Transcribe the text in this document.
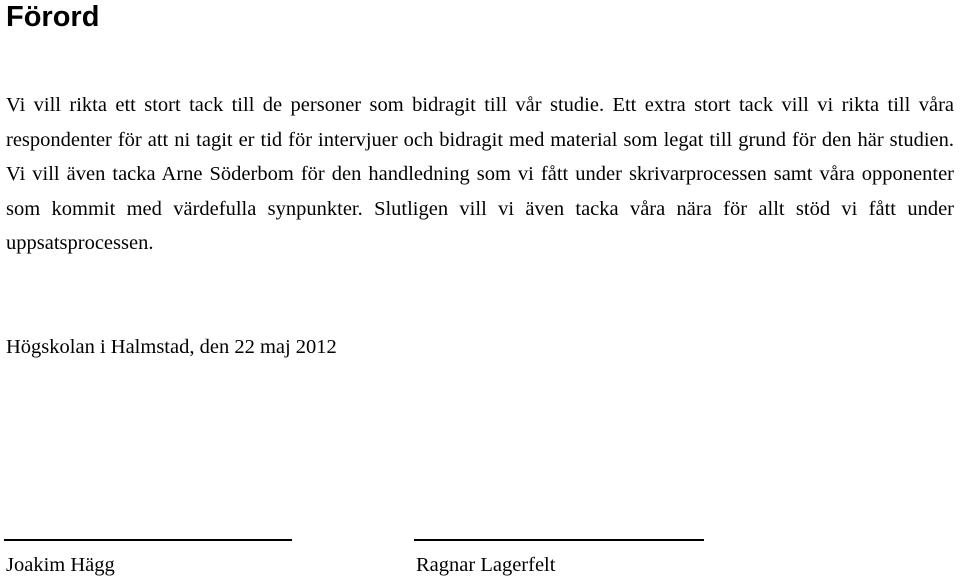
Förord

Vi vill rikta ett stort tack till de personer som bidragit till vår studie. Ett extra stort tack vill vi rikta till våra respondenter för att ni tagit er tid för intervjuer och bidragit med material som legat till grund för den här studien. Vi vill även tacka Arne Söderbom för den handledning som vi fått under skrivarprocessen samt våra opponenter som kommit med värdefulla synpunkter. Slutligen vill vi även tacka våra nära för allt stöd vi fått under uppsatsprocessen.

Högskolan i Halmstad, den 22 maj 2012

Joakim Hägg	Ragnar Lagerfelt
